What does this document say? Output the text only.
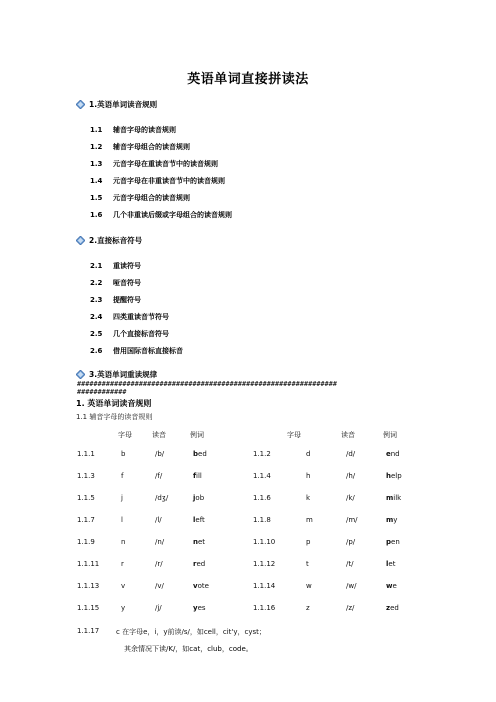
英语单词直接拼读法
1.英语单词读音规则
1.1 辅音字母的读音规则
1.2 辅音字母组合的读音规则
1.3 元音字母在重读音节中的读音规则
1.4 元音字母在非重读音节中的读音规则
1.5 元音字母组合的读音规则
1.6 几个非重读后缀或字母组合的读音规则
2.直接标音符号
2.1 重读符号
2.2 哑音符号
2.3 提醒符号
2.4 四类重读音节符号
2.5 几个直接标音符号
2.6 借用国际音标直接标音
3.英语单词重读规律
###############################################################
############
1. 英语单词读音规则
1.1 辅音字母的读音规则
字母	读音	例词	字母	读音	例词
1.1.1	b	/b/	bed	1.1.2	d	/d/	end
1.1.3	f	/f/	fill	1.1.4	h	/h/	help
1.1.5	j	/dʒ/	job	1.1.6	k	/k/	milk
1.1.7	l	/l/	left	1.1.8	m	/m/	my
1.1.9	n	/n/	net	1.1.10	p	/p/	pen
1.1.11	r	/r/	red	1.1.12	t	/t/	let
1.1.13	v	/v/	vote	1.1.14	w	/w/	we
1.1.15	y	/j/	yes	1.1.16	z	/z/	zed
1.1.17 c 在字母e，i，y前读/s/，如cell，cit'y，cyst；
其余情况下读/K/，如cat，club，code。
